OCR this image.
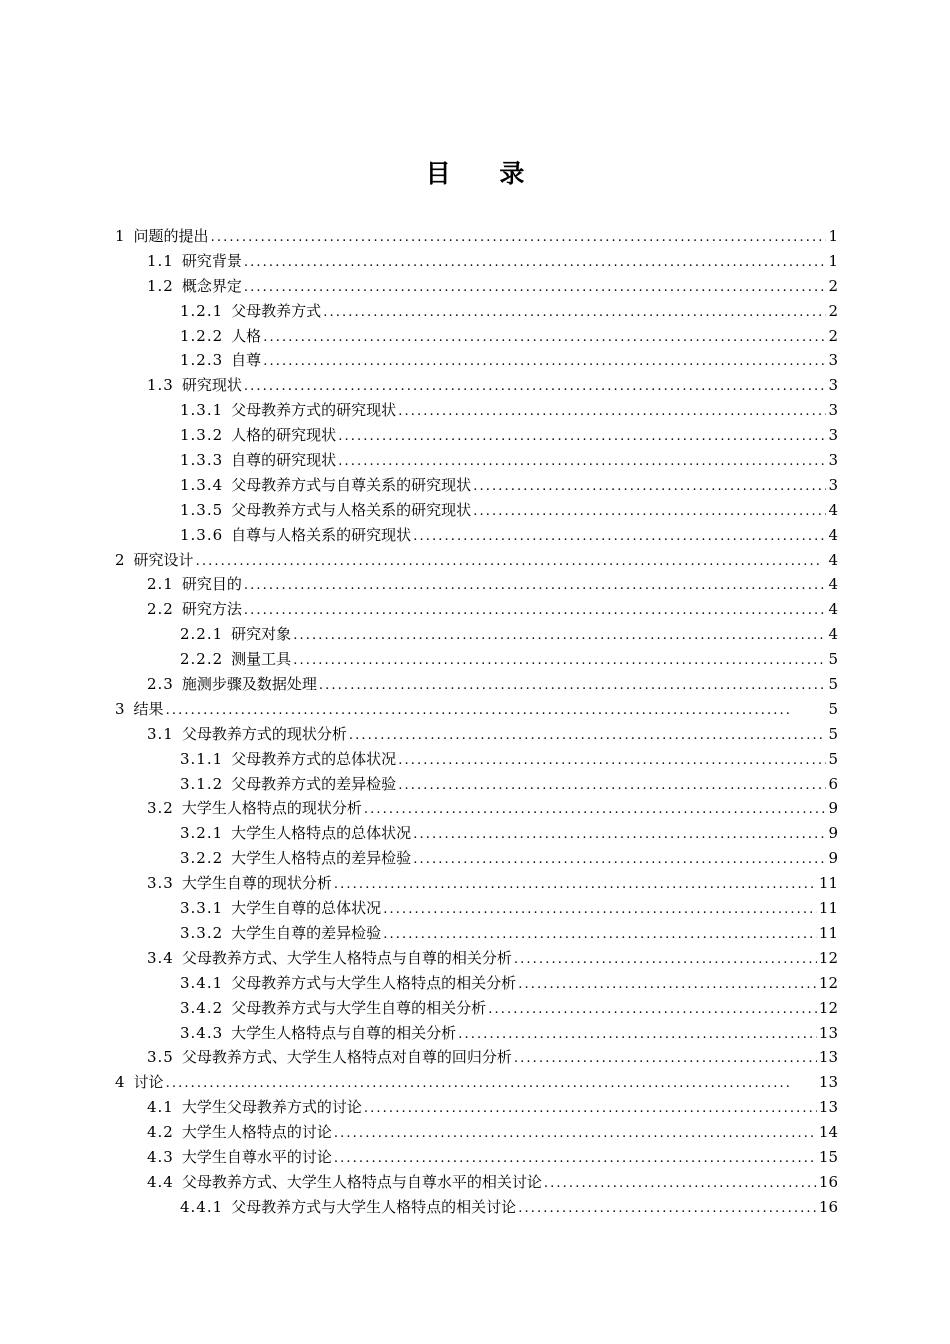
目 录
1 问题的提出 . . .	1
1.1 研究背景 . . .	1
1.2 概念界定 . . .	2
1.2.1 父母教养方式 . . .	2
1.2.2 人格 . . .	2
1.2.3 自尊 . . .	3
1.3 研究现状 . . .	3
1.3.1 父母教养方式的研究现状 . . .	3
1.3.2 人格的研究现状 . . .	3
1.3.3 自尊的研究现状 . . .	3
1.3.4 父母教养方式与自尊关系的研究现状 . . .	3
1.3.5 父母教养方式与人格关系的研究现状 . . .	4
1.3.6 自尊与人格关系的研究现状 . . .	4
2 研究设计 . . .	4
2.1 研究目的 . . .	4
2.2 研究方法 . . .	4
2.2.1 研究对象 . . .	4
2.2.2 测量工具 . . .	5
2.3 施测步骤及数据处理 . . .	5
3 结果 . . .	5
3.1 父母教养方式的现状分析 . . .	5
3.1.1 父母教养方式的总体状况 . . .	5
3.1.2 父母教养方式的差异检验 . . .	6
3.2 大学生人格特点的现状分析 . . .	9
3.2.1 大学生人格特点的总体状况 . . .	9
3.2.2 大学生人格特点的差异检验 . . .	9
3.3 大学生自尊的现状分析 . . .	11
3.3.1 大学生自尊的总体状况 . . .	11
3.3.2 大学生自尊的差异检验 . . .	11
3.4 父母教养方式、大学生人格特点与自尊的相关分析 . . .	12
3.4.1 父母教养方式与大学生人格特点的相关分析 . . .	12
3.4.2 父母教养方式与大学生自尊的相关分析 . . .	12
3.4.3 大学生人格特点与自尊的相关分析 . . .	13
3.5 父母教养方式、大学生人格特点对自尊的回归分析 . . .	13
4 讨论 . . .	13
4.1 大学生父母教养方式的讨论 . . .	13
4.2 大学生人格特点的讨论 . . .	14
4.3 大学生自尊水平的讨论 . . .	15
4.4 父母教养方式、大学生人格特点与自尊水平的相关讨论 . . .	16
4.4.1 父母教养方式与大学生人格特点的相关讨论 . . .	16
